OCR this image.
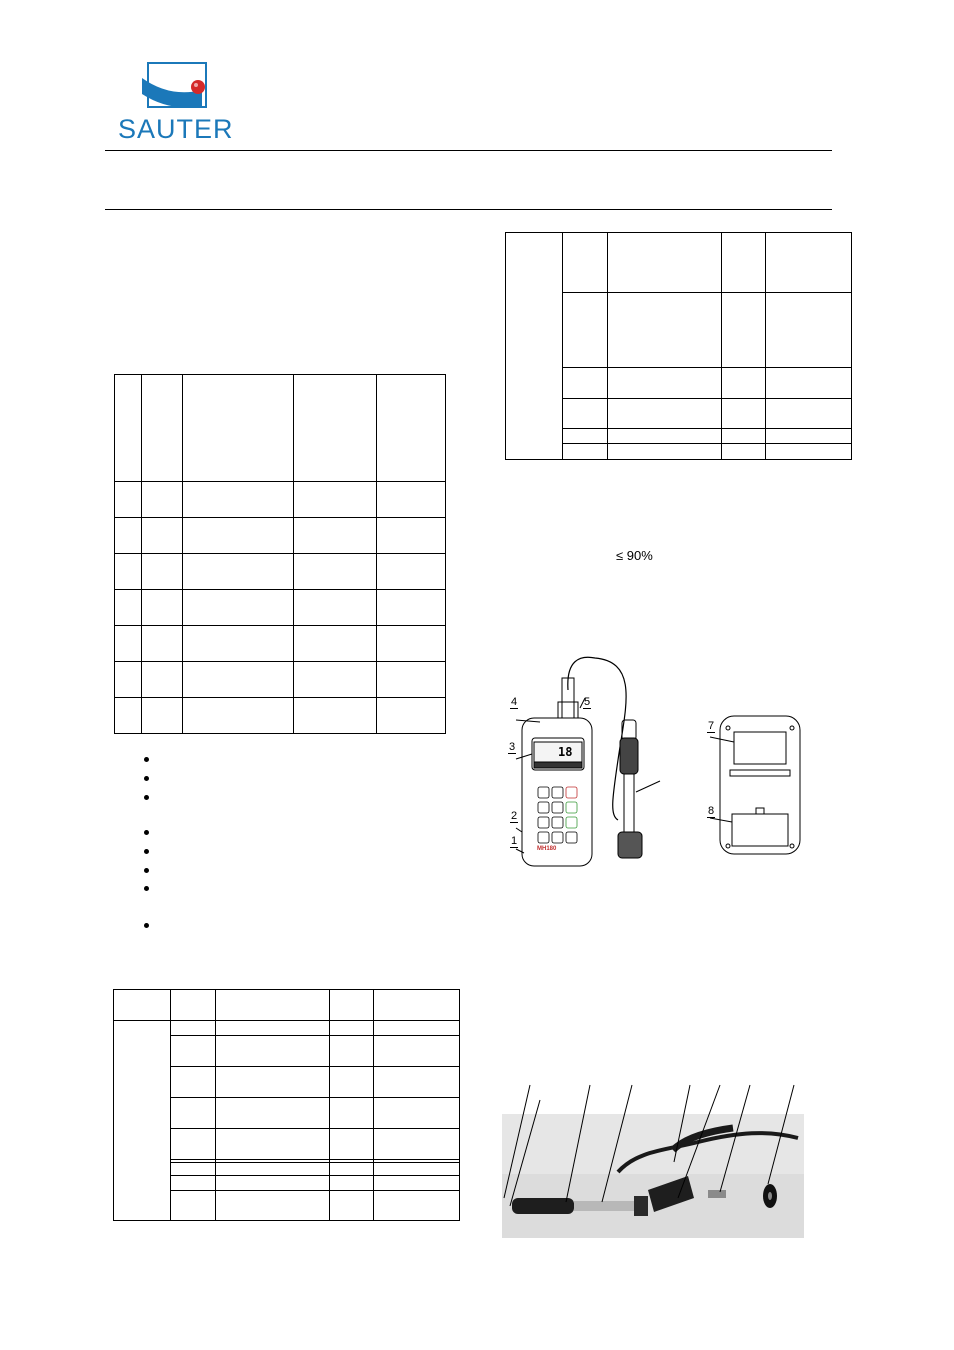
SAUTER

≤ 90%
18
MH180
4	5
3
2
1
7
8
